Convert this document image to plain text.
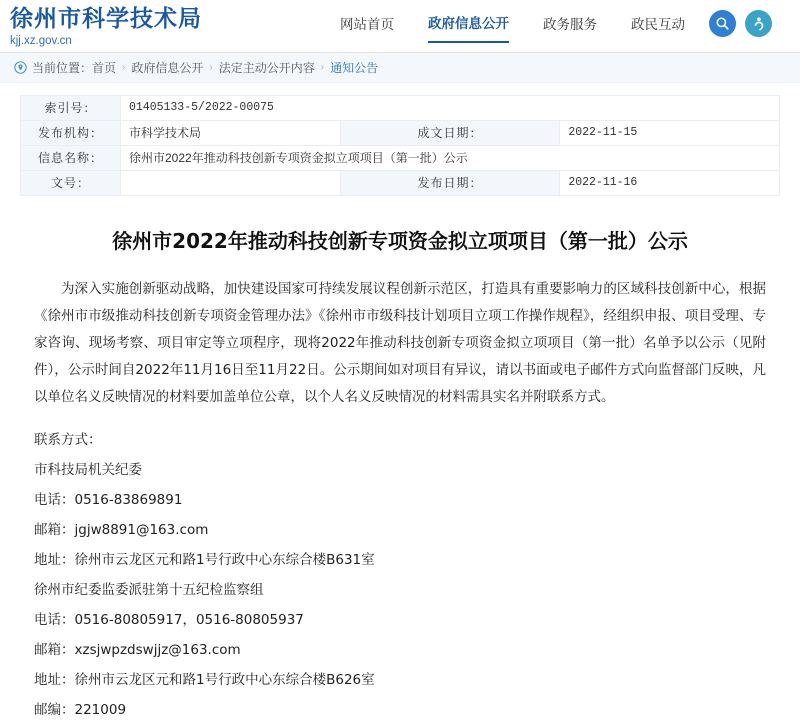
徐州市科学技术局
kjj.xz.gov.cn
网站首页	政府信息公开	政务服务	政民互动
当前位置： 首页 › 政府信息公开 › 法定主动公开内容 › 通知公告
索引号：	01405133-5/2022-00075		
发布机构：	市科学技术局	成文日期：	2022-11-15
信息名称：	徐州市2022年推动科技创新专项资金拟立项项目（第一批）公示		
文号：		发布日期：	2022-11-16
徐州市2022年推动科技创新专项资金拟立项项目（第一批）公示

为深入实施创新驱动战略，加快建设国家可持续发展议程创新示范区，打造具有重要影响力的区域科技创新中心，根据《徐州市市级推动科技创新专项资金管理办法》《徐州市市级科技计划项目立项工作操作规程》，经组织申报、项目受理、专家咨询、现场考察、项目审定等立项程序，现将2022年推动科技创新专项资金拟立项项目（第一批）名单予以公示（见附件），公示时间自2022年11月16日至11月22日。公示期间如对项目有异议，请以书面或电子邮件方式向监督部门反映，凡以单位名义反映情况的材料要加盖单位公章，以个人名义反映情况的材料需具实名并附联系方式。

联系方式：
市科技局机关纪委
电话：0516-83869891
邮箱：jgjw8891@163.com
地址：徐州市云龙区元和路1号行政中心东综合楼B631室
徐州市纪委监委派驻第十五纪检监察组
电话：0516-80805917，0516-80805937
邮箱：xzsjwpzdswjjz@163.com
地址：徐州市云龙区元和路1号行政中心东综合楼B626室
邮编：221009
